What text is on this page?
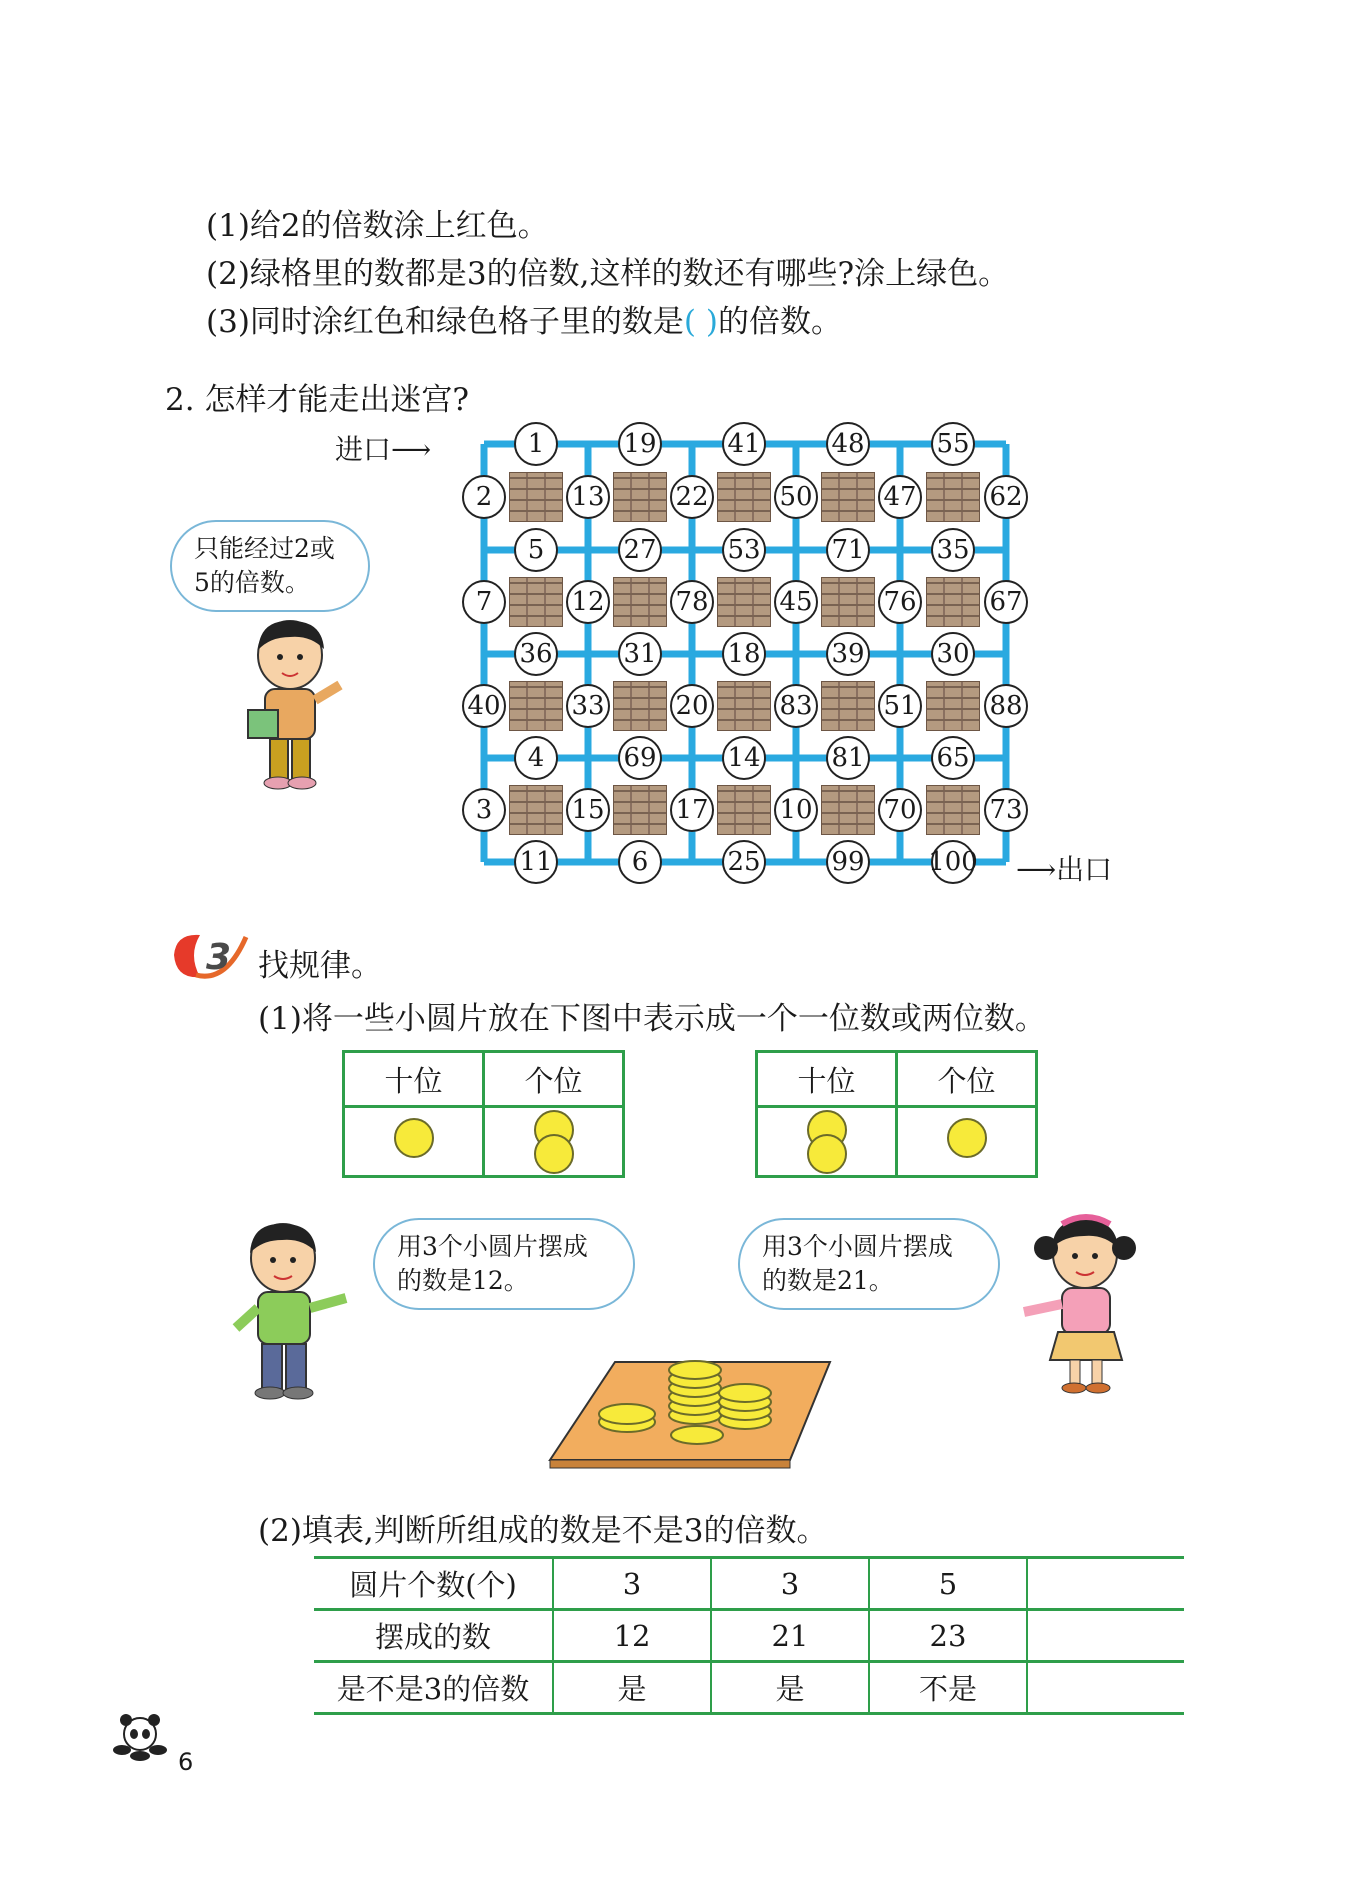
(1)给2的倍数涂上红色。
(2)绿格里的数都是3的倍数,这样的数还有哪些?涂上绿色。
(3)同时涂红色和绿色格子里的数是( )的倍数。
2. 怎样才能走出迷宫?
进口⟶
⟶出口
1	19	41	48	55
2	13	22	50	47	62
5	27	53	71	35
7	12	78	45	76	67
36	31	18	39	30
40	33	20	83	51	88
4	69	14	81	65
3	15	17	10	70	73
11	6	25	99 100
只能经过2或5的倍数。
3 找规律。
(1)将一些小圆片放在下图中表示成一个一位数或两位数。
十位	个位
		十位	个位

用3个小圆片摆成的数是12。
用3个小圆片摆成的数是21。
(2)填表,判断所组成的数是不是3的倍数。
圆片个数(个)	3	3	5	
摆成的数	12	21	23	
是不是3的倍数	是	是	不是	
6
